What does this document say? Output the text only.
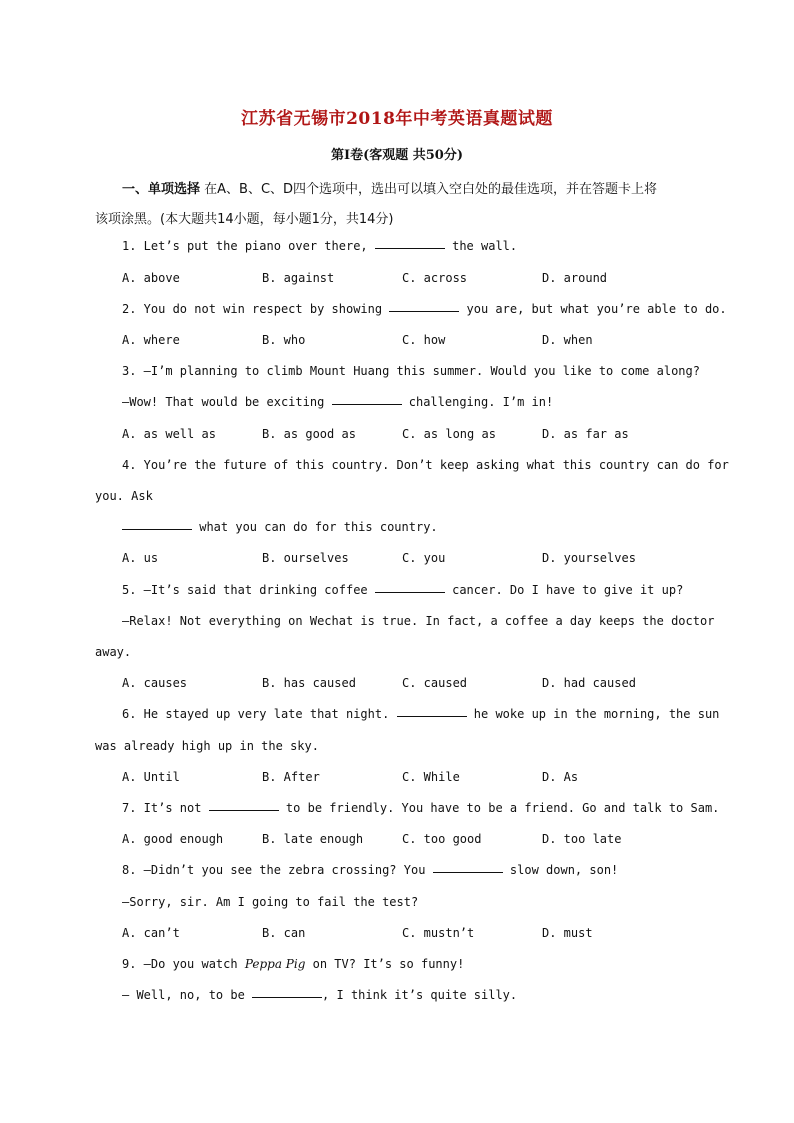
江苏省无锡市2018年中考英语真题试题
第Ⅰ卷(客观题 共50分)
一、单项选择 在A、B、C、D四个选项中，选出可以填入空白处的最佳选项，并在答题卡上将
该项涂黑。(本大题共14小题，每小题1分，共14分)
1. Let’s put the piano over there,	the wall.
A. above	B. against	C. across	D. around
2. You do not win respect by showing	you are, but what you’re able to do.
A. where	B. who	C. how	D. when
3. —I’m planning to climb Mount Huang this summer. Would you like to come along?
—Wow! That would be exciting	challenging. I’m in!
A. as well as	B. as good as	C. as long as	D. as far as
4. You’re the future of this country. Don’t keep asking what this country can do for
you. Ask
what you can do for this country.
A. us	B. ourselves	C. you	D. yourselves
5. —It’s said that drinking coffee	cancer. Do I have to give it up?
—Relax! Not everything on Wechat is true. In fact, a coffee a day keeps the doctor
away.
A. causes	B. has caused	C. caused	D. had caused
6. He stayed up very late that night.	he woke up in the morning, the sun
was already high up in the sky.
A. Until	B. After	C. While	D. As
7. It’s not	to be friendly. You have to be a friend. Go and talk to Sam.
A. good enough	B. late enough	C. too good	D. too late
8. —Didn’t you see the zebra crossing? You	slow down, son!
—Sorry, sir. Am I going to fail the test?
A. can’t	B. can	C. mustn’t	D. must
9. —Do you watch Peppa Pig on TV? It’s so funny!
— Well, no, to be	, I think it’s quite silly.
